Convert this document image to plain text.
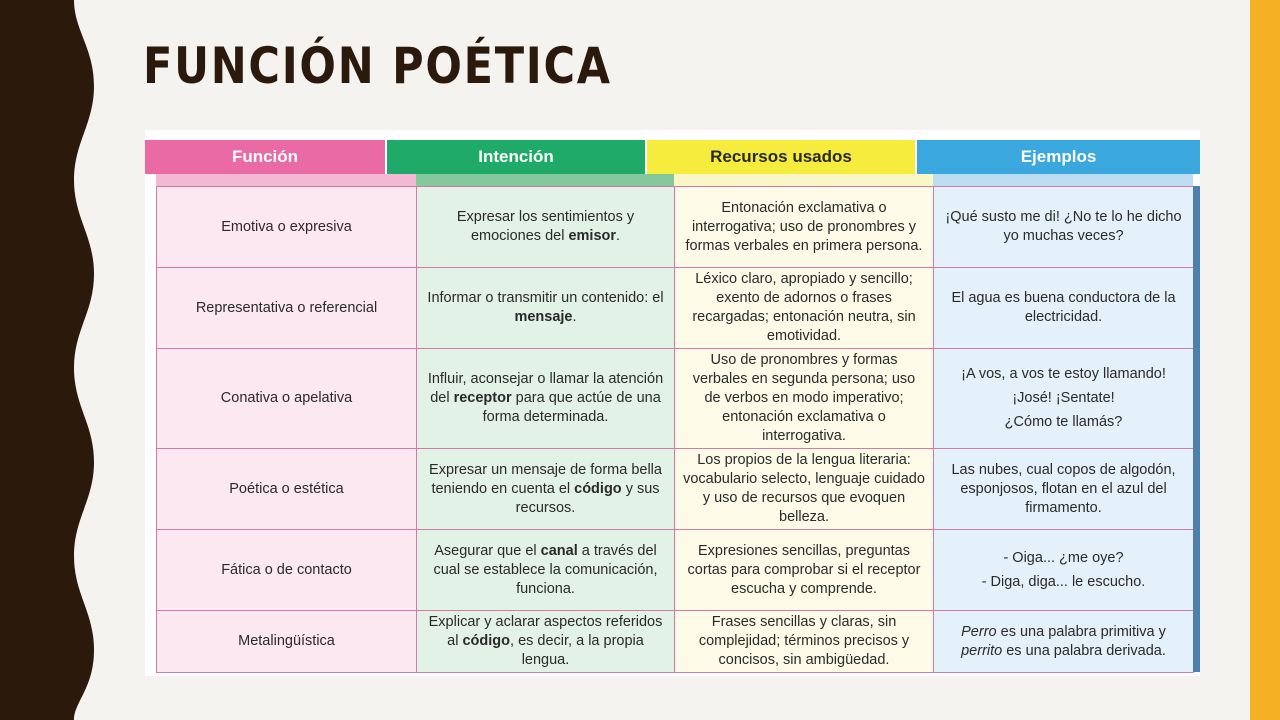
FUNCIÓN POÉTICA
Función	Intención	Recursos usados	Ejemplos
Emotiva o expresiva	Expresar los sentimientos y emociones del emisor.	Entonación exclamativa o interrogativa; uso de pronombres y formas verbales en primera persona.	¡Qué susto me di! ¿No te lo he dicho yo muchas veces?
Representativa o referencial	Informar o transmitir un contenido: el mensaje.	Léxico claro, apropiado y sencillo; exento de adornos o frases recargadas; entonación neutra, sin emotividad.	El agua es buena conductora de la electricidad.
Conativa o apelativa	Influir, aconsejar o llamar la atención del receptor para que actúe de una forma determinada.	Uso de pronombres y formas verbales en segunda persona; uso de verbos en modo imperativo; entonación exclamativa o interrogativa.	¡A vos, a vos te estoy llamando!
¡José! ¡Sentate!
¿Cómo te llamás?

Poética o estética	Expresar un mensaje de forma bella teniendo en cuenta el código y sus recursos.	Los propios de la lengua literaria: vocabulario selecto, lenguaje cuidado y uso de recursos que evoquen belleza.	Las nubes, cual copos de algodón, esponjosos, flotan en el azul del firmamento.
Fática o de contacto	Asegurar que el canal a través del cual se establece la comunicación, funciona.	Expresiones sencillas, preguntas cortas para comprobar si el receptor escucha y comprende.	- Oiga... ¿me oye?
- Diga, diga... le escucho.

Metalingüística	Explicar y aclarar aspectos referidos al código, es decir, a la propia lengua.	Frases sencillas y claras, sin complejidad; términos precisos y concisos, sin ambigüedad.	Perro es una palabra primitiva y perrito es una palabra derivada.
